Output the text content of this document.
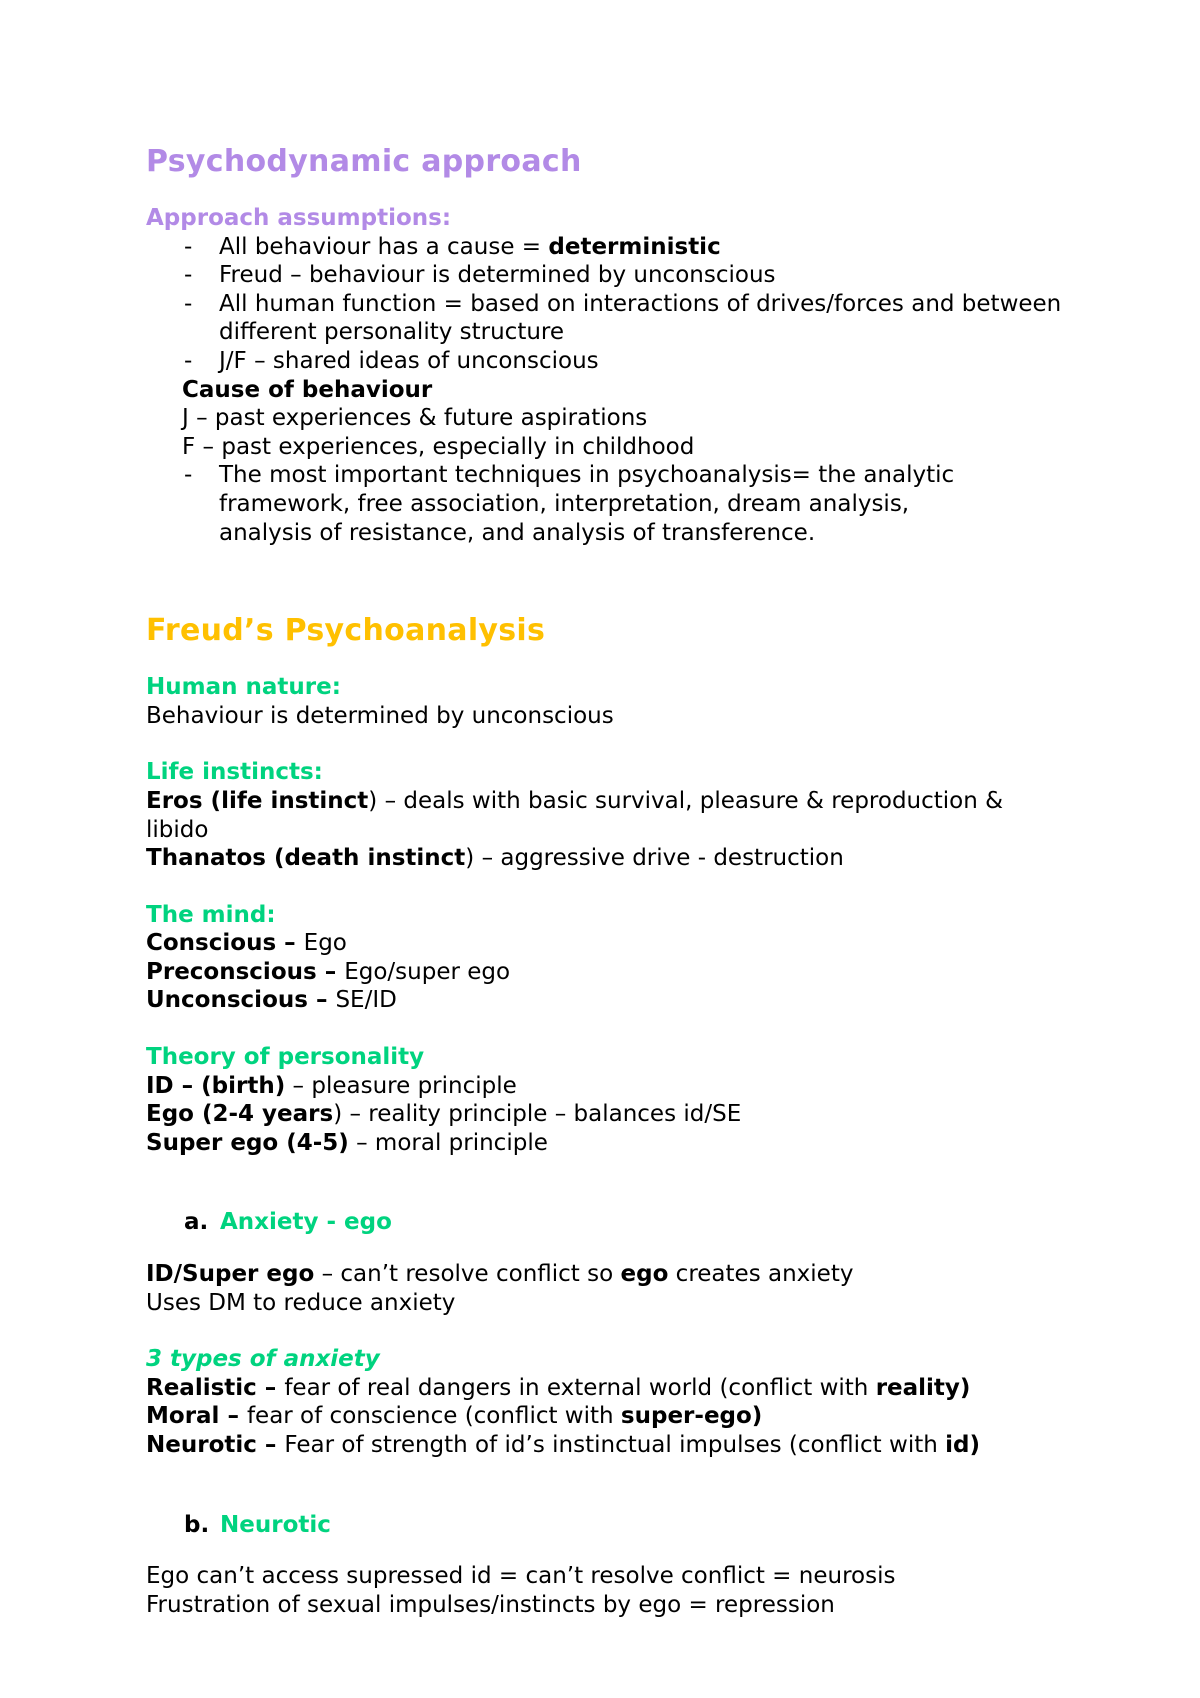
Psychodynamic approach

Approach assumptions:

- All behaviour has a cause = deterministic
- Freud – behaviour is determined by unconscious
- All human function = based on interactions of drives/forces and between different personality structure
- J/F – shared ideas of unconscious

Cause of behaviour

J – past experiences & future aspirations

F – past experiences, especially in childhood

- The most important techniques in psychoanalysis= the analytic framework, free association, interpretation, dream analysis, analysis of resistance, and analysis of transference.
Freud’s Psychoanalysis

Human nature:

Behaviour is determined by unconscious

Life instincts:

Eros (life instinct) – deals with basic survival, pleasure & reproduction & libido

Thanatos (death instinct) – aggressive drive - destruction

The mind:

Conscious – Ego

Preconscious – Ego/super ego

Unconscious – SE/ID

Theory of personality

ID – (birth) – pleasure principle

Ego (2-4 years) – reality principle – balances id/SE

Super ego (4-5) – moral principle

a. Anxiety - ego

ID/Super ego – can’t resolve conflict so ego creates anxiety

Uses DM to reduce anxiety

3 types of anxiety

Realistic – fear of real dangers in external world (conflict with reality)

Moral – fear of conscience (conflict with super-ego)

Neurotic – Fear of strength of id’s instinctual impulses (conflict with id)

b. Neurotic

Ego can’t access supressed id = can’t resolve conflict = neurosis

Frustration of sexual impulses/instincts by ego = repression
